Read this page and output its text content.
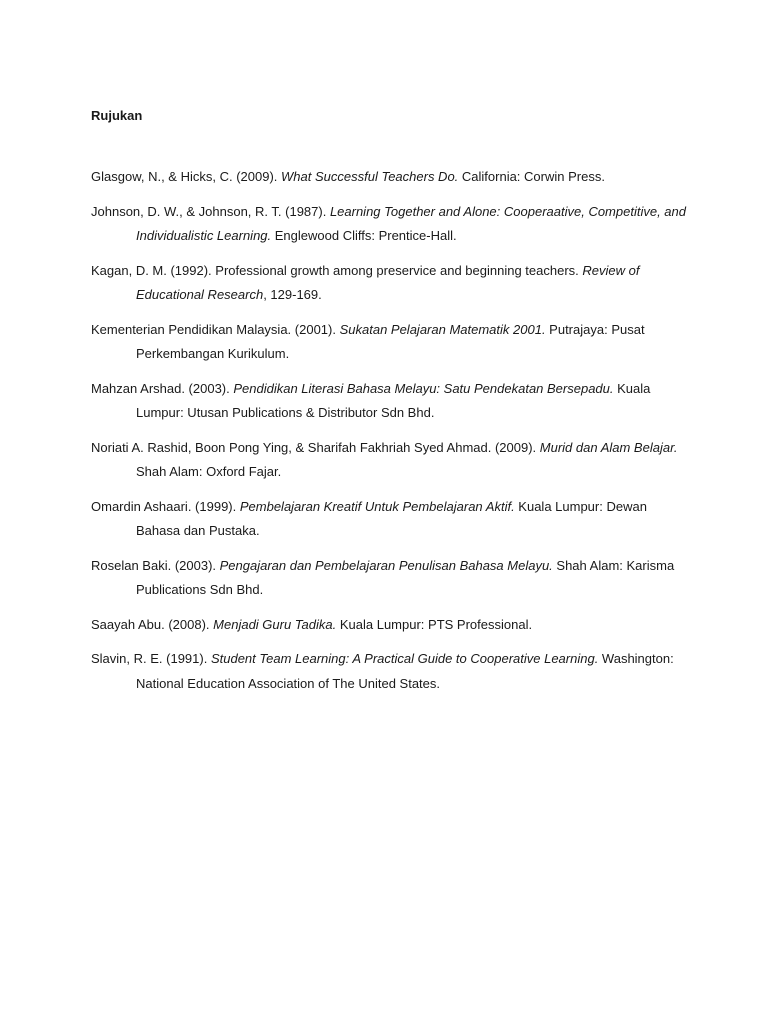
Rujukan
Glasgow, N., & Hicks, C. (2009). What Successful Teachers Do. California: Corwin Press.
Johnson, D. W., & Johnson, R. T. (1987). Learning Together and Alone: Cooperaative, Competitive, and Individualistic Learning. Englewood Cliffs: Prentice-Hall.
Kagan, D. M. (1992). Professional growth among preservice and beginning teachers. Review of Educational Research, 129-169.
Kementerian Pendidikan Malaysia. (2001). Sukatan Pelajaran Matematik 2001. Putrajaya: Pusat Perkembangan Kurikulum.
Mahzan Arshad. (2003). Pendidikan Literasi Bahasa Melayu: Satu Pendekatan Bersepadu. Kuala Lumpur: Utusan Publications & Distributor Sdn Bhd.
Noriati A. Rashid, Boon Pong Ying, & Sharifah Fakhriah Syed Ahmad. (2009). Murid dan Alam Belajar. Shah Alam: Oxford Fajar.
Omardin Ashaari. (1999). Pembelajaran Kreatif Untuk Pembelajaran Aktif. Kuala Lumpur: Dewan Bahasa dan Pustaka.
Roselan Baki. (2003). Pengajaran dan Pembelajaran Penulisan Bahasa Melayu. Shah Alam: Karisma Publications Sdn Bhd.
Saayah Abu. (2008). Menjadi Guru Tadika. Kuala Lumpur: PTS Professional.
Slavin, R. E. (1991). Student Team Learning: A Practical Guide to Cooperative Learning. Washington: National Education Association of The United States.
